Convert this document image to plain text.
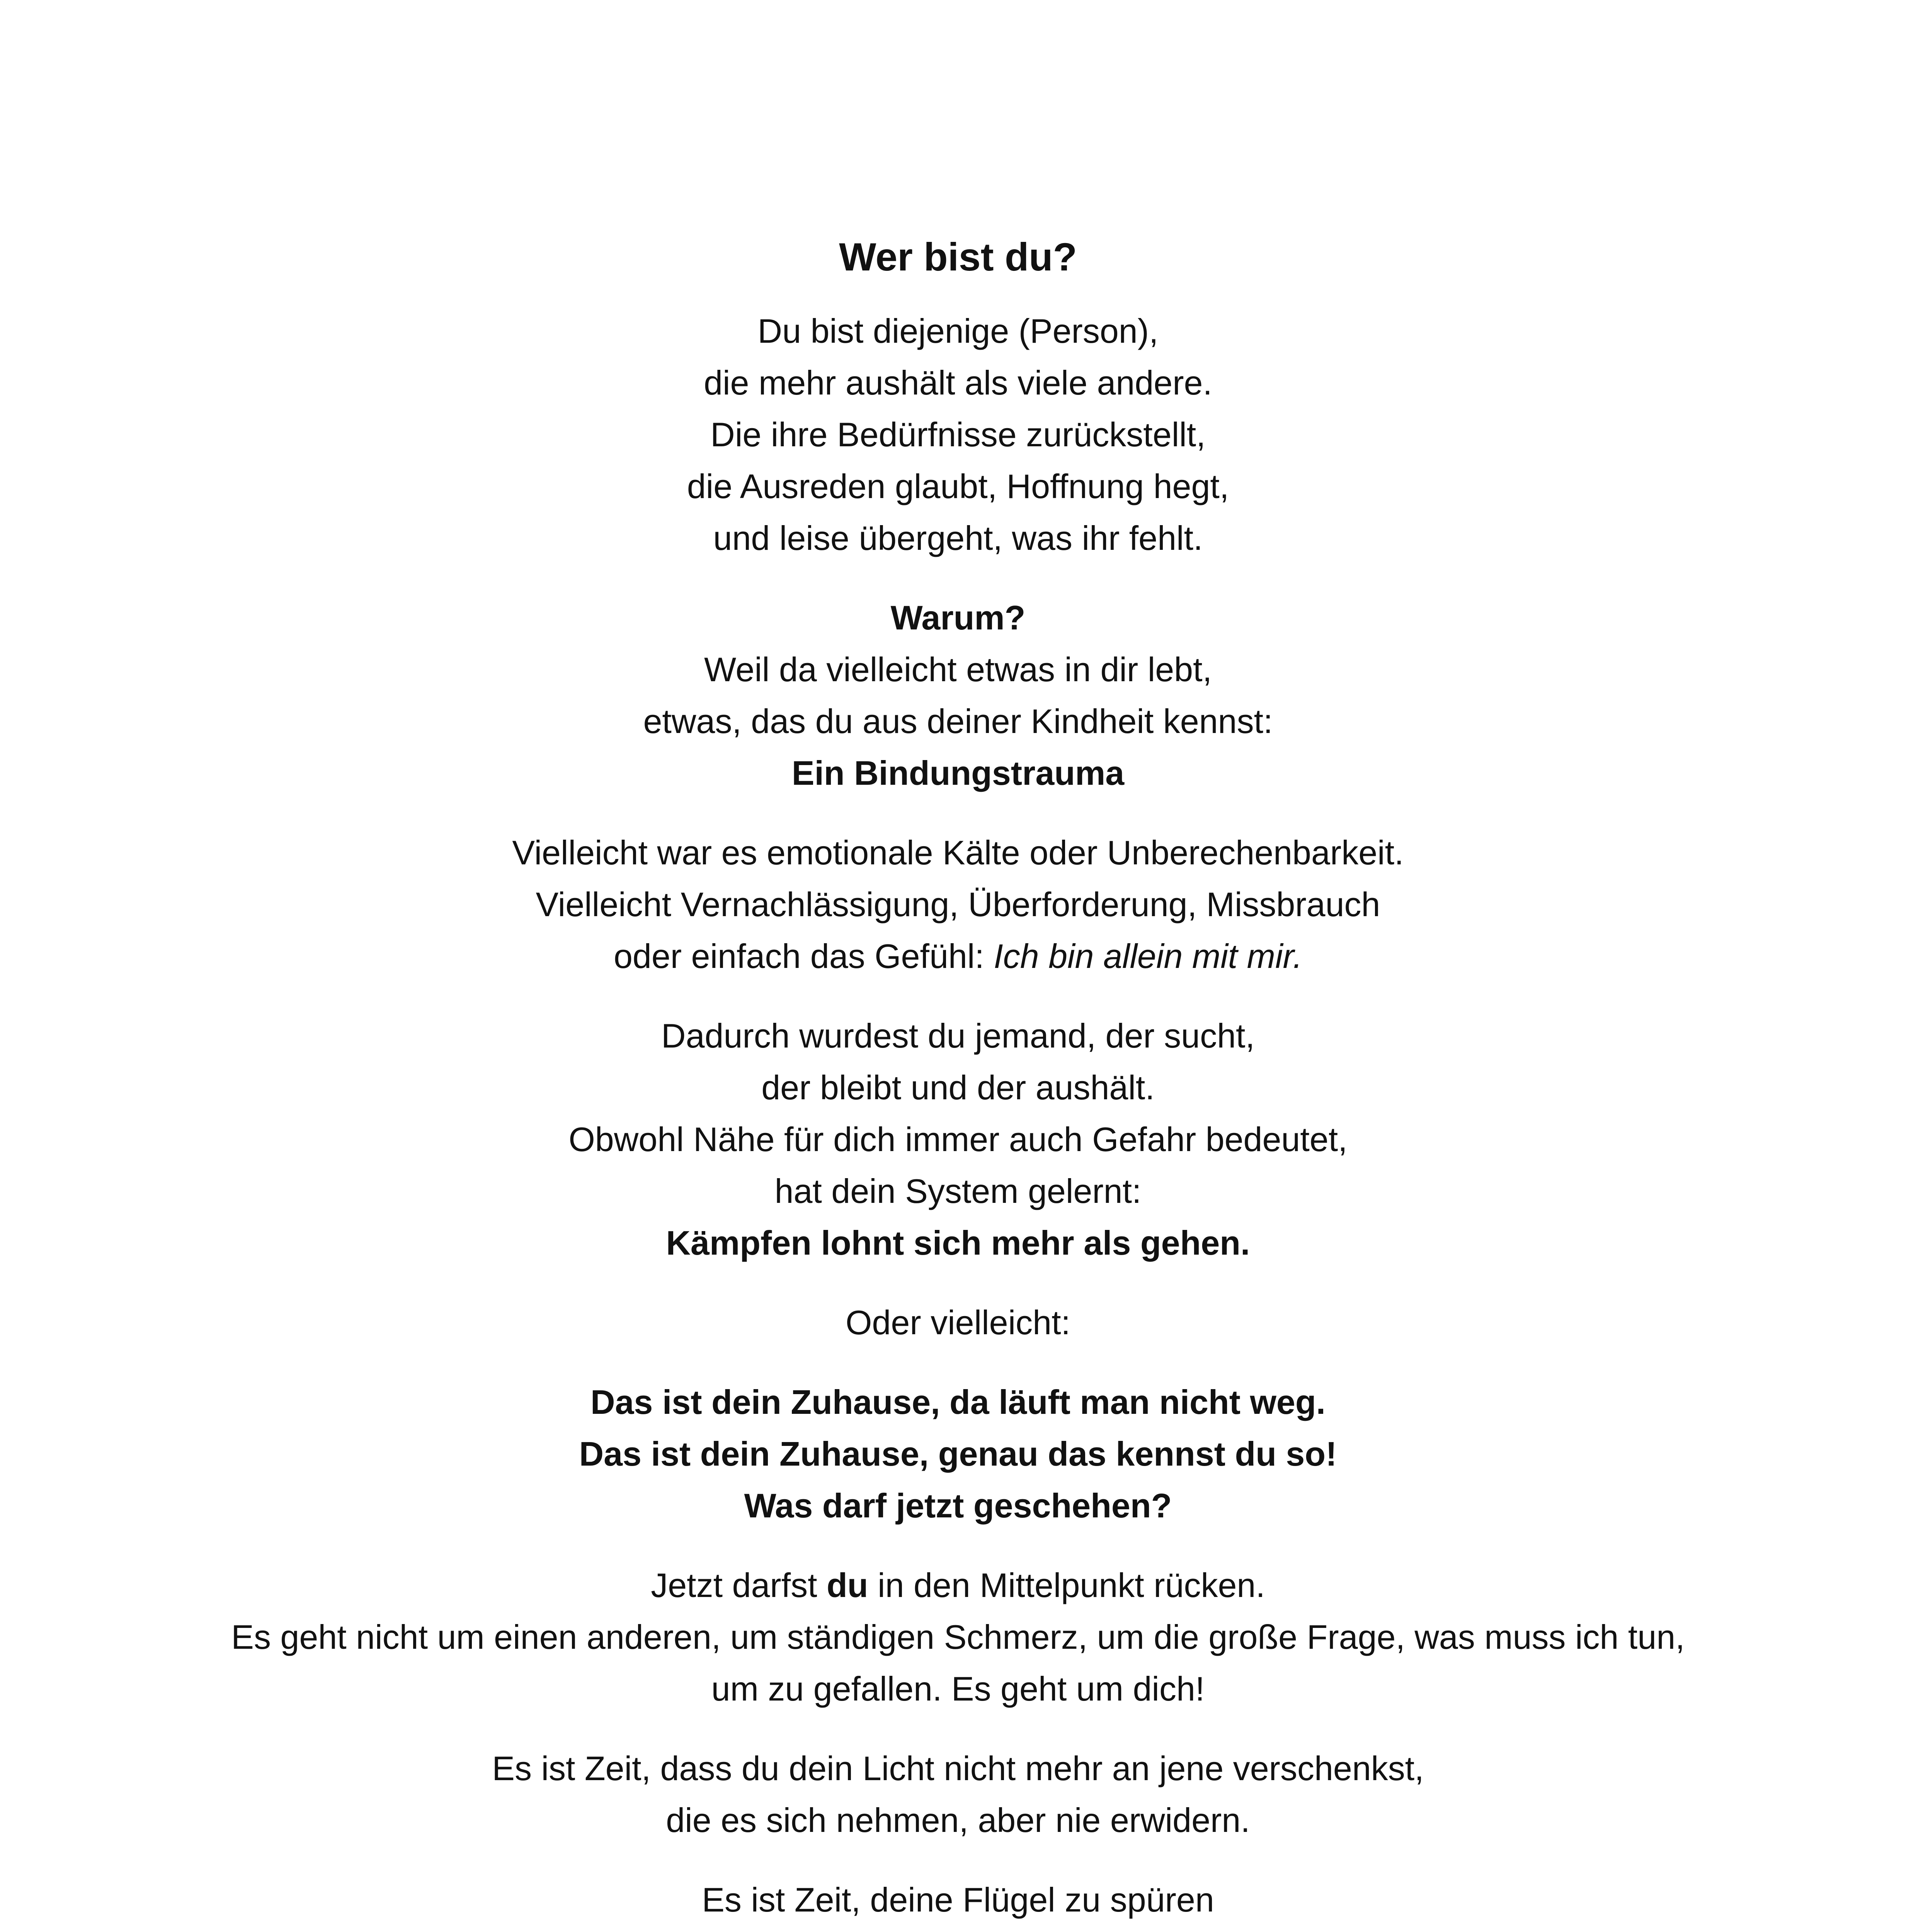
Wer bist du?
Du bist diejenige (Person),
die mehr aushält als viele andere.
Die ihre Bedürfnisse zurückstellt,
die Ausreden glaubt, Hoffnung hegt,
und leise übergeht, was ihr fehlt.
Warum?
Weil da vielleicht etwas in dir lebt,
etwas, das du aus deiner Kindheit kennst:
Ein Bindungstrauma
Vielleicht war es emotionale Kälte oder Unberechenbarkeit.
Vielleicht Vernachlässigung, Überforderung, Missbrauch
oder einfach das Gefühl: Ich bin allein mit mir.
Dadurch wurdest du jemand, der sucht,
der bleibt und der aushält.
Obwohl Nähe für dich immer auch Gefahr bedeutet,
hat dein System gelernt:
Kämpfen lohnt sich mehr als gehen.
Oder vielleicht:
Das ist dein Zuhause, da läuft man nicht weg.
Das ist dein Zuhause, genau das kennst du so!
Was darf jetzt geschehen?
Jetzt darfst du in den Mittelpunkt rücken.
Es geht nicht um einen anderen, um ständigen Schmerz, um die große Frage, was muss ich tun, um zu gefallen. Es geht um dich!
Es ist Zeit, dass du dein Licht nicht mehr an jene verschenkst,
die es sich nehmen, aber nie erwidern.
Es ist Zeit, deine Flügel zu spüren
